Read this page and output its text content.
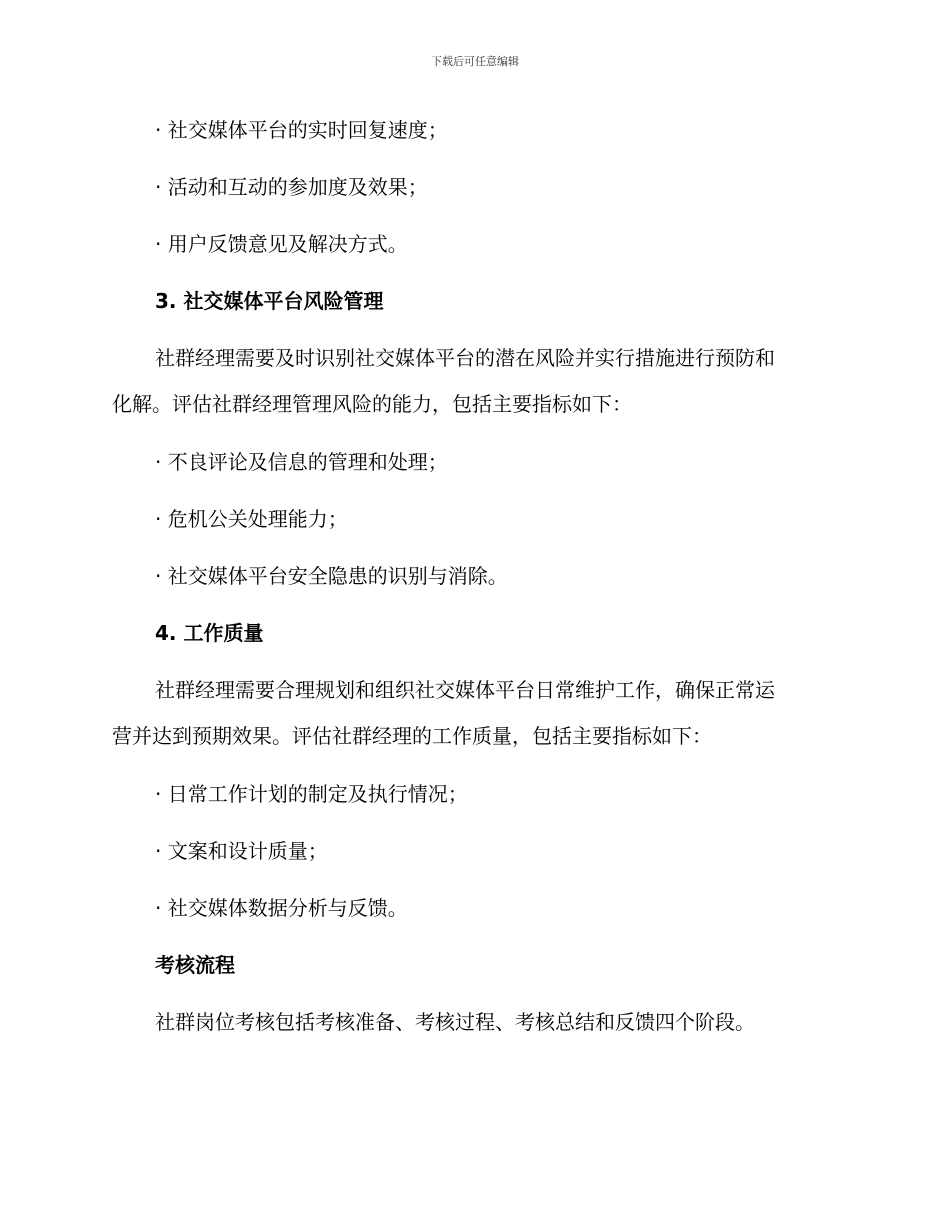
下载后可任意编辑
· 社交媒体平台的实时回复速度；
· 活动和互动的参加度及效果；
· 用户反馈意见及解决方式。
3. 社交媒体平台风险管理
社群经理需要及时识别社交媒体平台的潜在风险并实行措施进行预防和
化解。评估社群经理管理风险的能力，包括主要指标如下：
· 不良评论及信息的管理和处理；
· 危机公关处理能力；
· 社交媒体平台安全隐患的识别与消除。
4. 工作质量
社群经理需要合理规划和组织社交媒体平台日常维护工作，确保正常运
营并达到预期效果。评估社群经理的工作质量，包括主要指标如下：
· 日常工作计划的制定及执行情况；
· 文案和设计质量；
· 社交媒体数据分析与反馈。
考核流程
社群岗位考核包括考核准备、考核过程、考核总结和反馈四个阶段。
